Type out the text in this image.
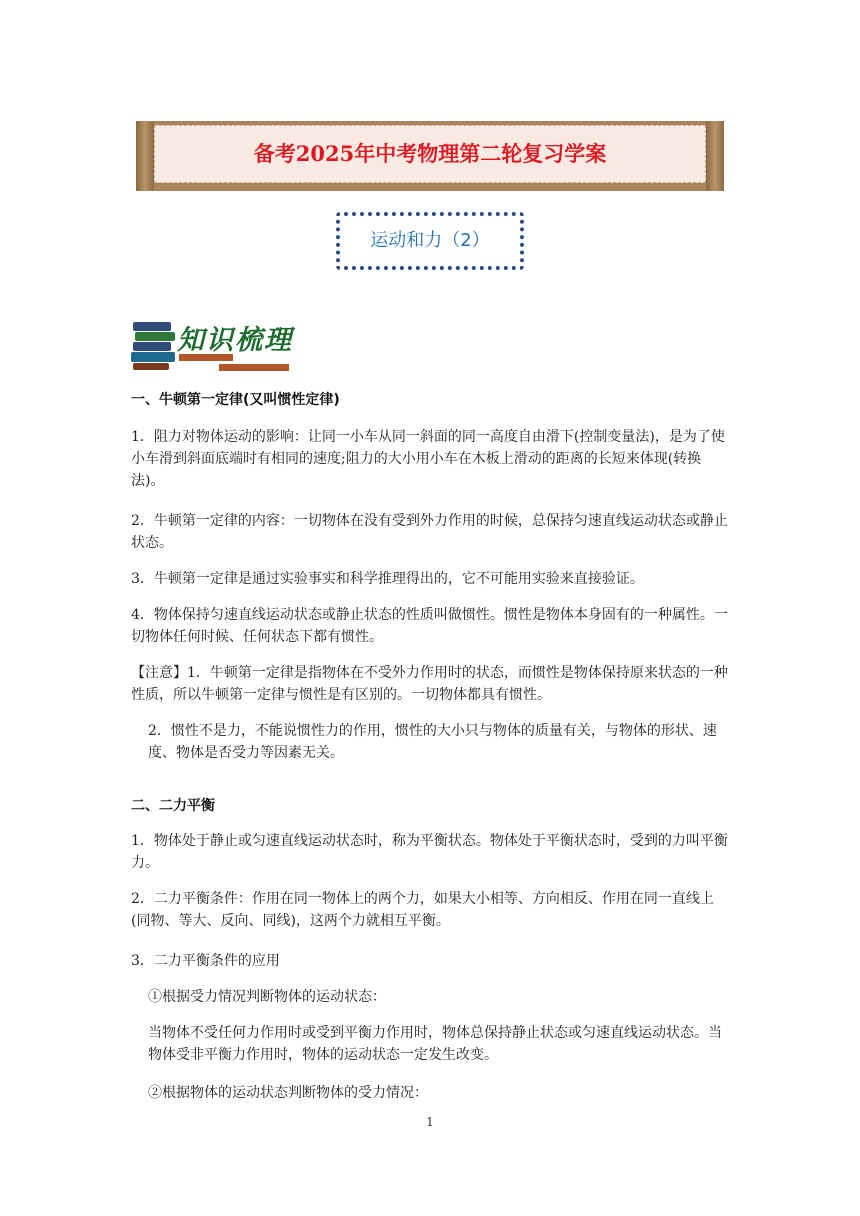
备考2025年中考物理第二轮复习学案
运动和力（2）
知识梳理
一、牛顿第一定律(又叫惯性定律)
1．阻力对物体运动的影响：让同一小车从同一斜面的同一高度自由滑下(控制变量法)，是为了使小车滑到斜面底端时有相同的速度;阻力的大小用小车在木板上滑动的距离的长短来体现(转换法)。
2．牛顿第一定律的内容：一切物体在没有受到外力作用的时候，总保持匀速直线运动状态或静止状态。
3．牛顿第一定律是通过实验事实和科学推理得出的，它不可能用实验来直接验证。
4．物体保持匀速直线运动状态或静止状态的性质叫做惯性。惯性是物体本身固有的一种属性。一切物体任何时候、任何状态下都有惯性。
【注意】1．牛顿第一定律是指物体在不受外力作用时的状态，而惯性是物体保持原来状态的一种性质，所以牛顿第一定律与惯性是有区别的。一切物体都具有惯性。
2．惯性不是力，不能说惯性力的作用，惯性的大小只与物体的质量有关，与物体的形状、速度、物体是否受力等因素无关。
二、二力平衡
1．物体处于静止或匀速直线运动状态时，称为平衡状态。物体处于平衡状态时，受到的力叫平衡力。
2．二力平衡条件：作用在同一物体上的两个力，如果大小相等、方向相反、作用在同一直线上(同物、等大、反向、同线)，这两个力就相互平衡。
3．二力平衡条件的应用
①根据受力情况判断物体的运动状态：
当物体不受任何力作用时或受到平衡力作用时，物体总保持静止状态或匀速直线运动状态。当物体受非平衡力作用时，物体的运动状态一定发生改变。
②根据物体的运动状态判断物体的受力情况：
1
